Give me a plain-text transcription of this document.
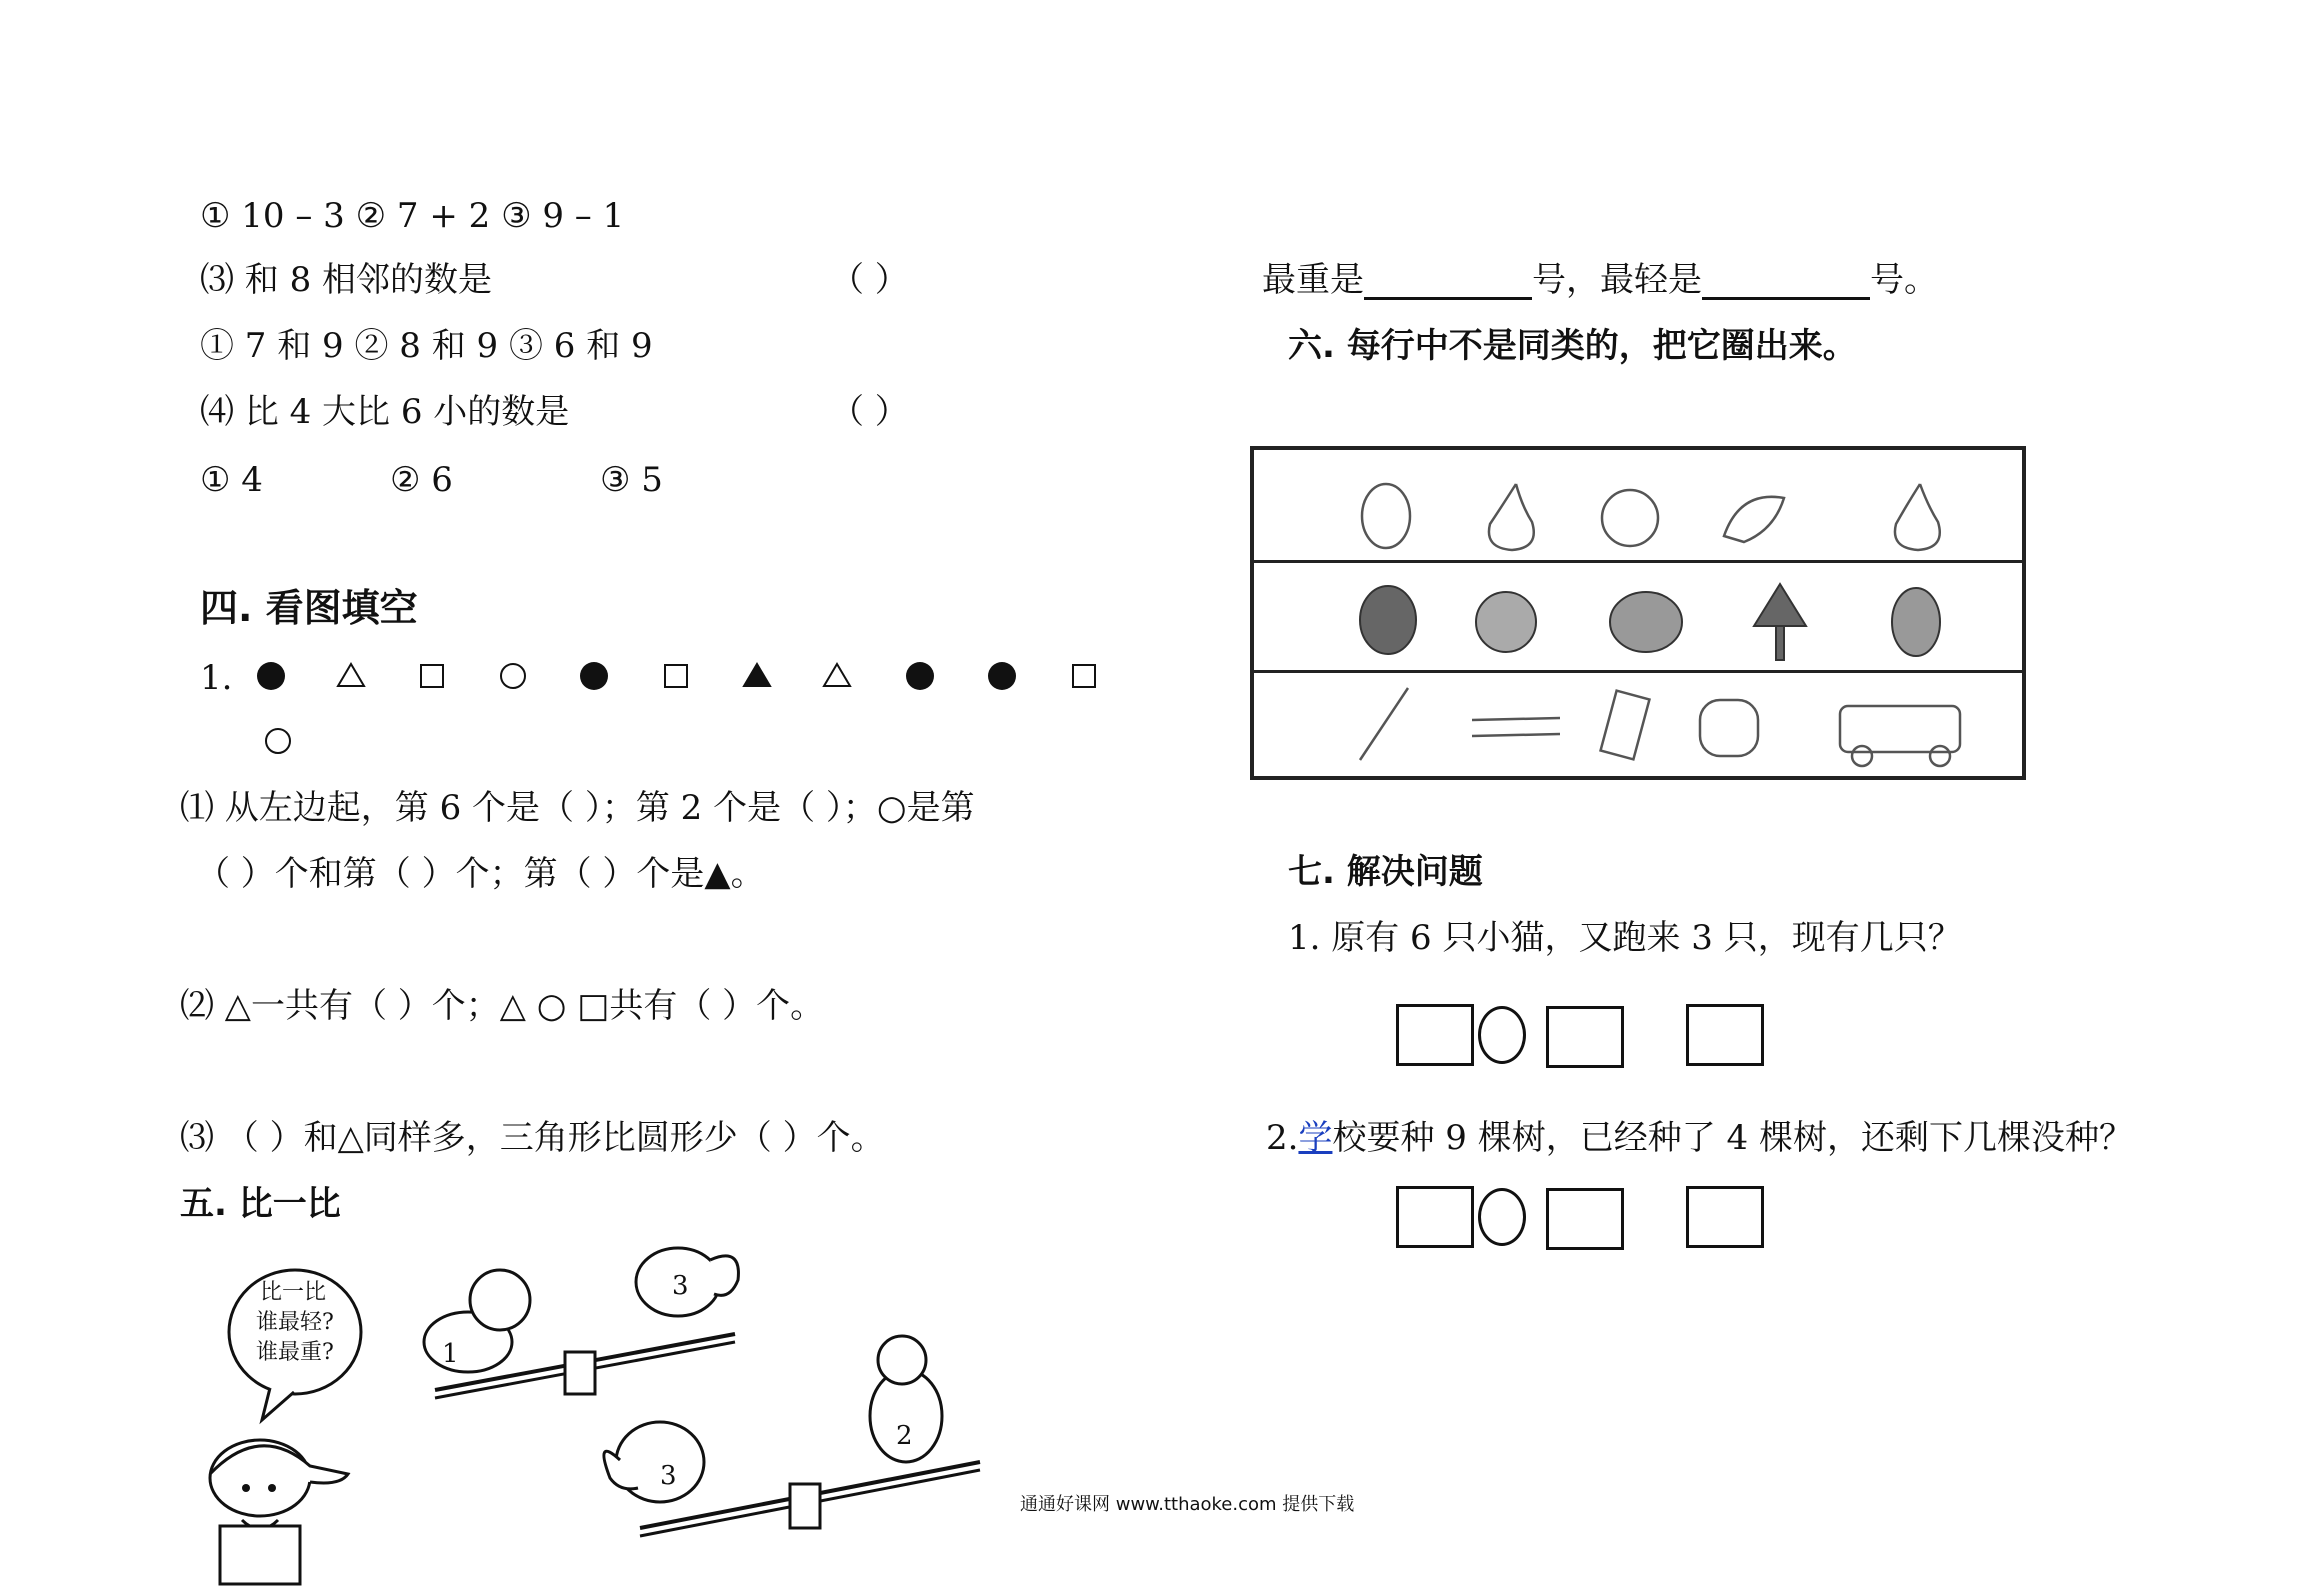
① 10 – 3 ② 7 + 2 ③ 9 – 1
⑶ 和 8 相邻的数是	（ ）
① 7 和 9 ② 8 和 9 ③ 6 和 9
⑷ 比 4 大比 6 小的数是	（ ）
① 4	② 6	③ 5
四. 看图填空
1.
⑴ 从左边起，第 6 个是（ ）；第 2 个是（ ）；○是第
（ ）个和第（ ）个；第（ ）个是▲。
⑵ △一共有（ ）个；△ ○ □共有（ ）个。
⑶ （ ）和△同样多，三角形比圆形少（ ）个。
五. 比一比
比一比
谁最轻?
谁最重?	1
3
3
2
最重是	号，最轻是	号。
六. 每行中不是同类的，把它圈出来。
七. 解决问题
1. 原有 6 只小猫，又跑来 3 只，现有几只？
2.学校要种 9 棵树，已经种了 4 棵树，还剩下几棵没种？
通通好课网 www.tthaoke.com 提供下载
